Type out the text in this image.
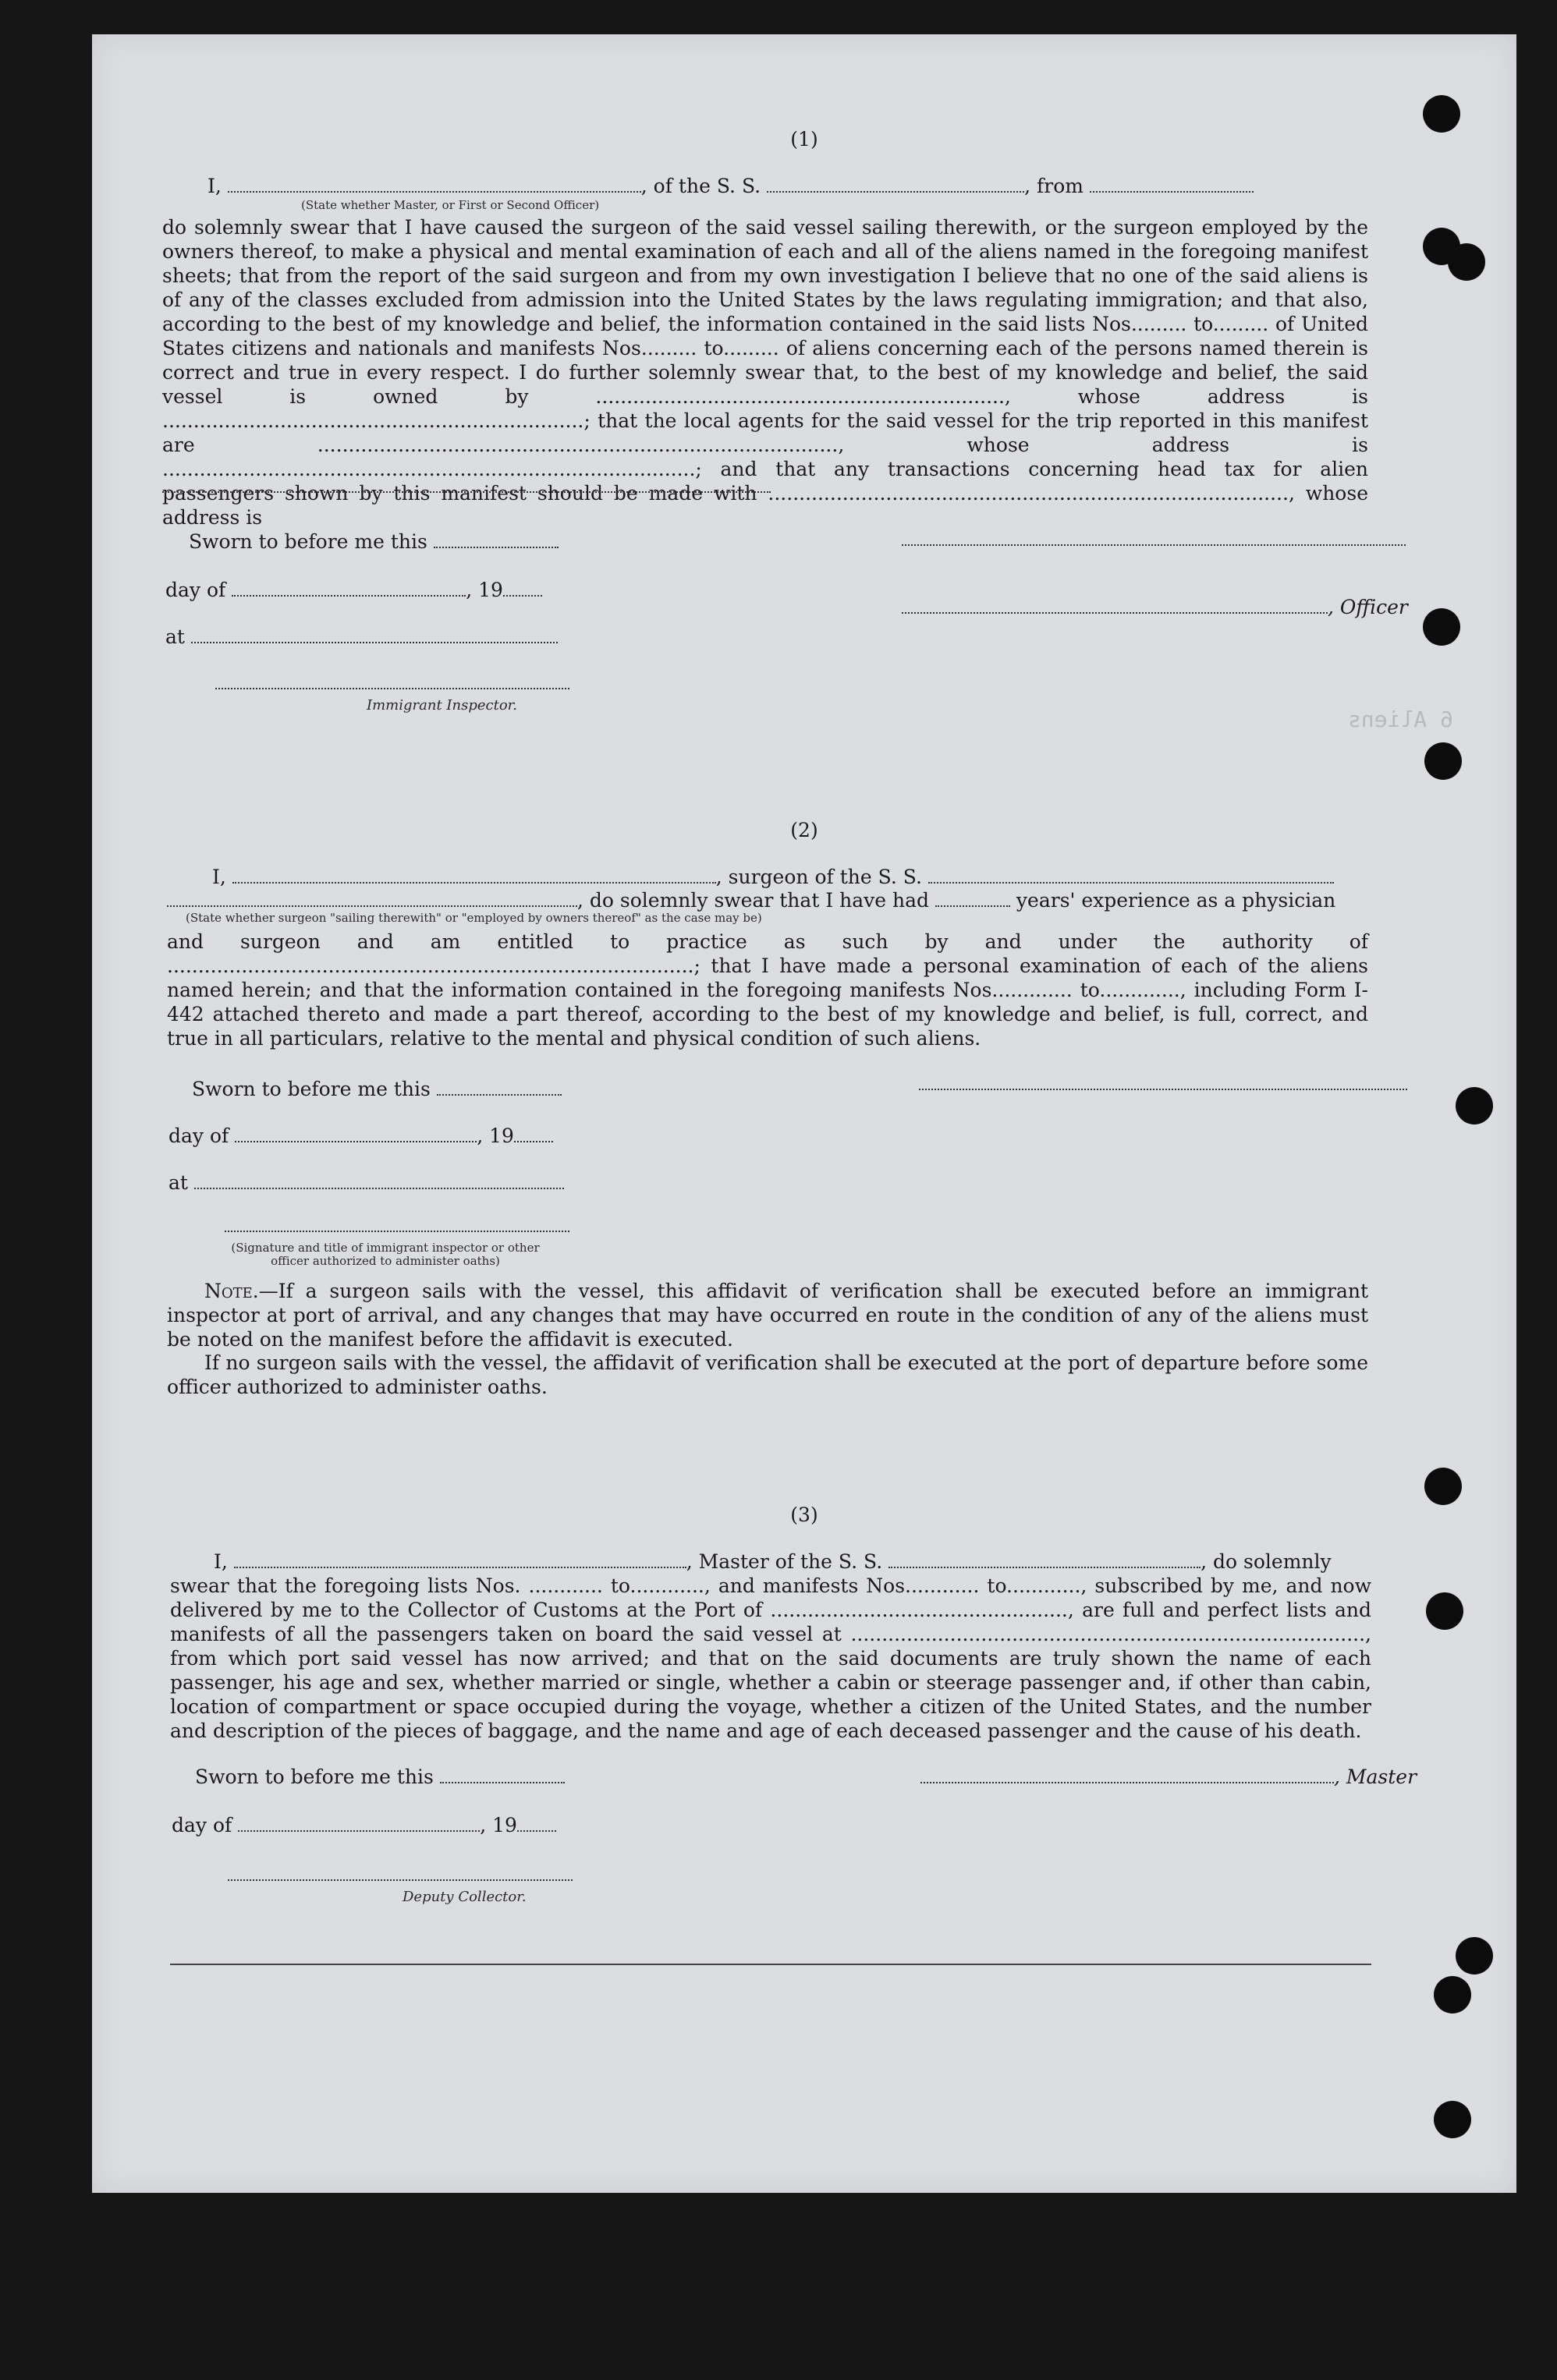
6 Aliens
(1)
I,	, of the S. S.	, from
(State whether Master, or First or Second Officer)

do solemnly swear that I have caused the surgeon of the said vessel sailing therewith, or the surgeon employed by the owners thereof, to make a physical and mental examination of each and all of the aliens named in the foregoing manifest sheets; that from the report of the said surgeon and from my own investigation I believe that no one of the said aliens is of any of the classes excluded from admission into the United States by the laws regulating immigration; and that also, according to the best of my knowledge and belief, the information contained in the said lists Nos......... to......... of United States citizens and nationals and manifests Nos......... to......... of aliens concerning each of the persons named therein is correct and true in every respect. I do further solemnly swear that, to the best of my knowledge and belief, the said vessel is owned by .................................................................., whose address is ....................................................................; that the local agents for the said vessel for the trip reported in this manifest are ...................................................................................., whose address is ......................................................................................; and that any transactions concerning head tax for alien passengers shown by this manifest should be made with ...................................................................................., whose address is

Sworn to before me this
day of	, 19
at
Immigrant Inspector.
, Officer
(2)
I,	, surgeon of the S. S.
, do solemnly swear that I have had	years' experience as a physician
(State whether surgeon "sailing therewith" or "employed by owners thereof" as the case may be)

and surgeon and am entitled to practice as such by and under the authority of .....................................................................................; that I have made a personal examination of each of the aliens named herein; and that the information contained in the foregoing manifests Nos............. to............., including Form I-442 attached thereto and made a part thereof, according to the best of my knowledge and belief, is full, correct, and true in all particulars, relative to the mental and physical condition of such aliens.

Sworn to before me this
day of	, 19
at
(Signature and title of immigrant inspector or other officer authorized to administer oaths)
Note.—If a surgeon sails with the vessel, this affidavit of verification shall be executed before an immigrant inspector at port of arrival, and any changes that may have occurred en route in the condition of any of the aliens must be noted on the manifest before the affidavit is executed.
If no surgeon sails with the vessel, the affidavit of verification shall be executed at the port of departure before some officer authorized to administer oaths.
(3)
I,	, Master of the S. S.	, do solemnly

swear that the foregoing lists Nos. ............ to............, and manifests Nos............ to............, subscribed by me, and now delivered by me to the Collector of Customs at the Port of ................................................, are full and perfect lists and manifests of all the passengers taken on board the said vessel at ..................................................................................., from which port said vessel has now arrived; and that on the said documents are truly shown the name of each passenger, his age and sex, whether married or single, whether a cabin or steerage passenger and, if other than cabin, location of compartment or space occupied during the voyage, whether a citizen of the United States, and the number and description of the pieces of baggage, and the name and age of each deceased passenger and the cause of his death.

Sworn to before me this	, Master
day of	, 19
Deputy Collector.
